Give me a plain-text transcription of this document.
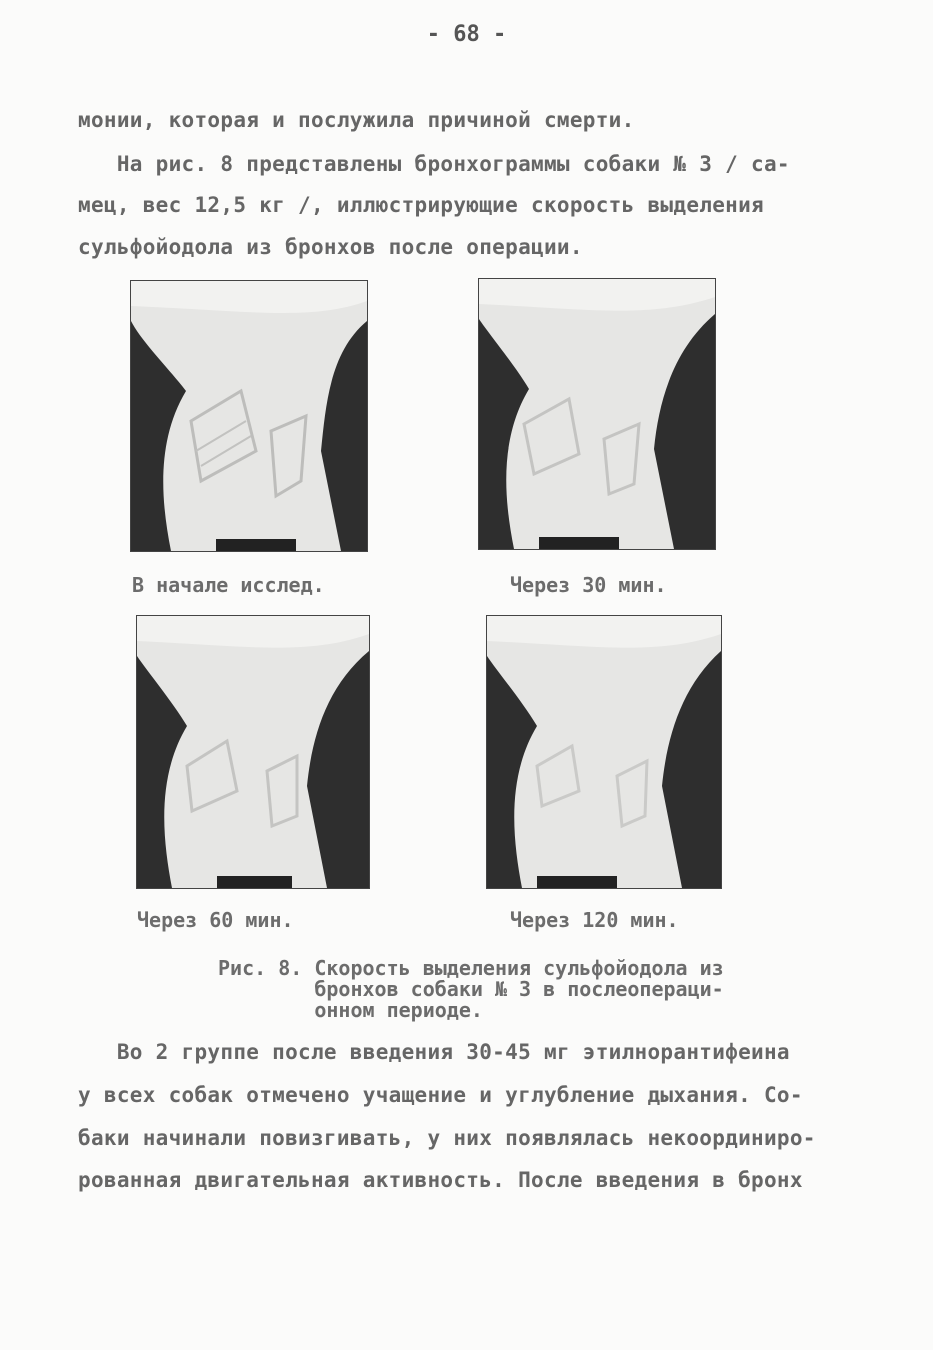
- 68 -
монии, которая и послужила причиной смерти.
На рис. 8 представлены бронхограммы собаки № 3 / са-
мец, вес 12,5 кг /, иллюстрирующие скорость выделения
сульфойодола из бронхов после операции.
В начале исслед.	Через 30 мин.
Через 60 мин.	Через 120 мин.
Рис. 8. Скорость выделения сульфойодола из
бронхов собаки № 3 в послеопераци-
онном периоде.
Во 2 группе после введения 30-45 мг этилнорантифеина
у всех собак отмечено учащение и углубление дыхания. Со-
баки начинали повизгивать, у них появлялась некоординиро-
рованная двигательная активность. После введения в бронх
